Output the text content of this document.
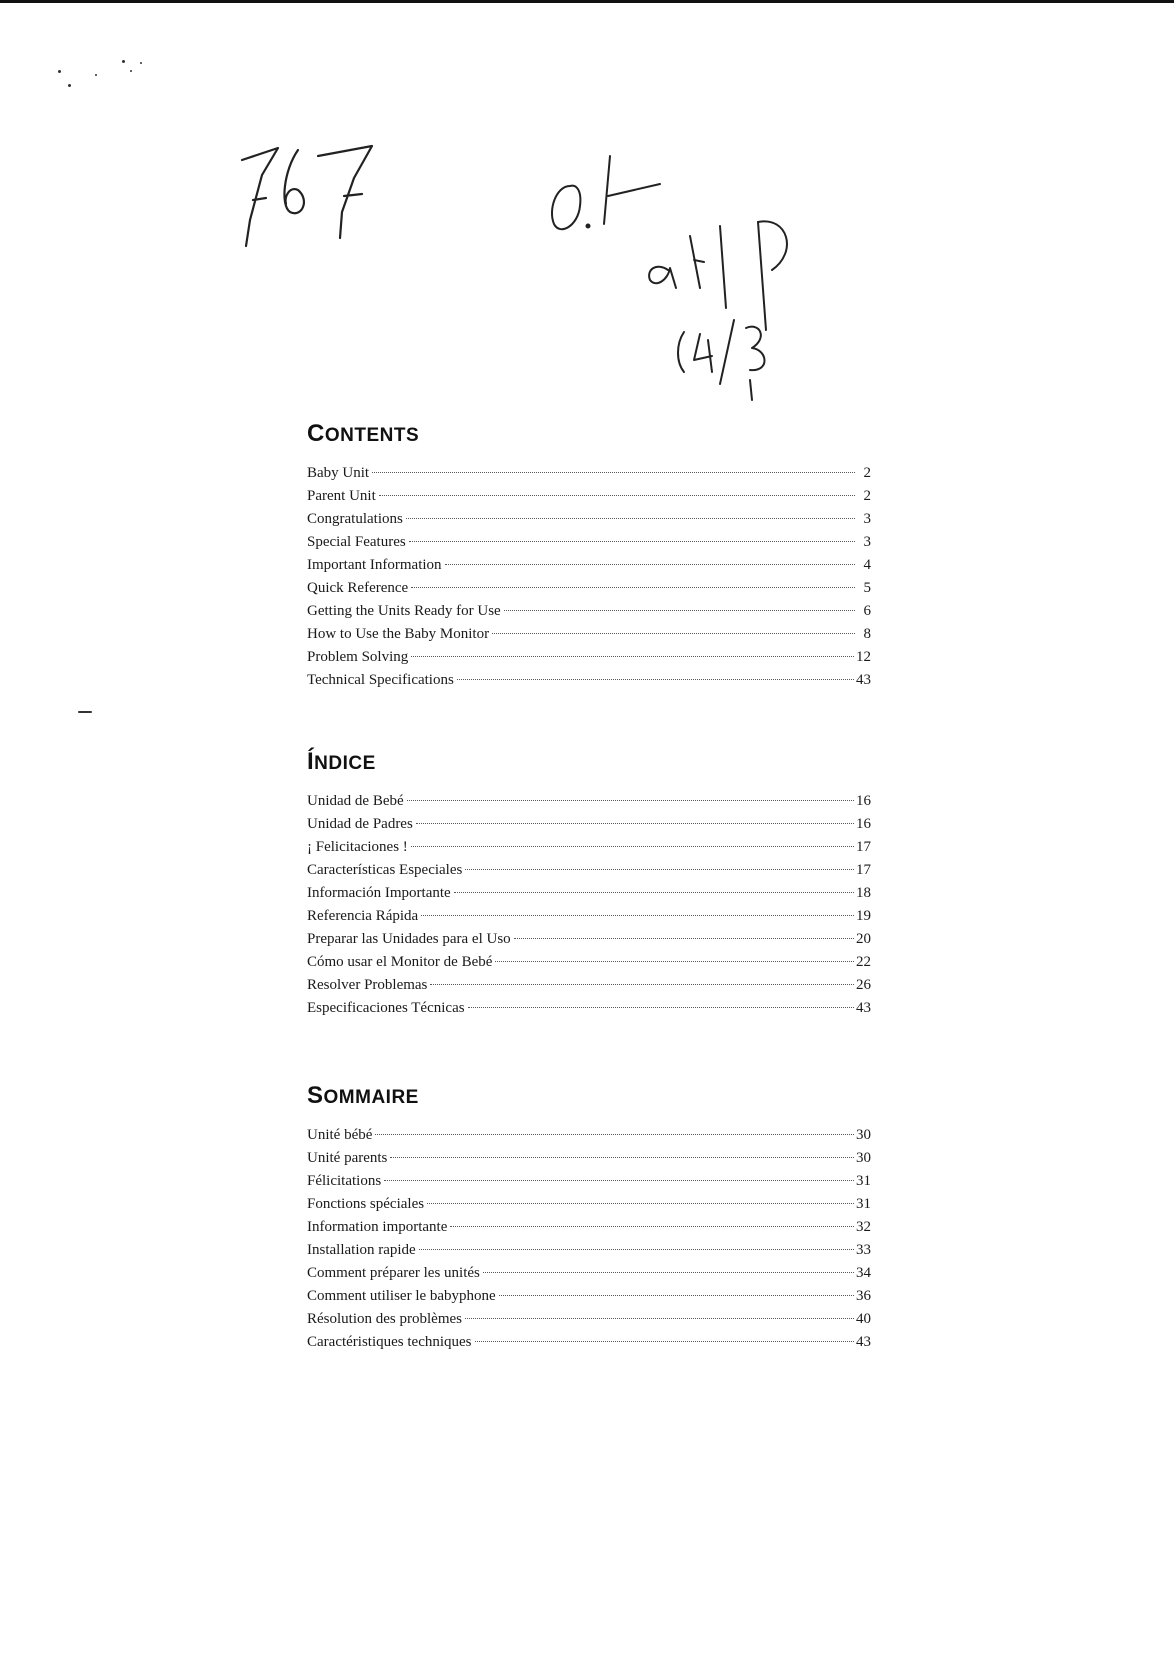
CONTENTS
Baby Unit	2
Parent Unit	2
Congratulations	3
Special Features	3
Important Information	4
Quick Reference	5
Getting the Units Ready for Use	6
How to Use the Baby Monitor	8
Problem Solving	12
Technical Specifications	43
ÍNDICE
Unidad de Bebé	16
Unidad de Padres	16
¡ Felicitaciones !	17
Características Especiales	17
Información Importante	18
Referencia Rápida	19
Preparar las Unidades para el Uso	20
Cómo usar el Monitor de Bebé	22
Resolver Problemas	26
Especificaciones Técnicas	43
SOMMAIRE
Unité bébé	30
Unité parents	30
Félicitations	31
Fonctions spéciales	31
Information importante	32
Installation rapide	33
Comment préparer les unités	34
Comment utiliser le babyphone	36
Résolution des problèmes	40
Caractéristiques techniques	43
